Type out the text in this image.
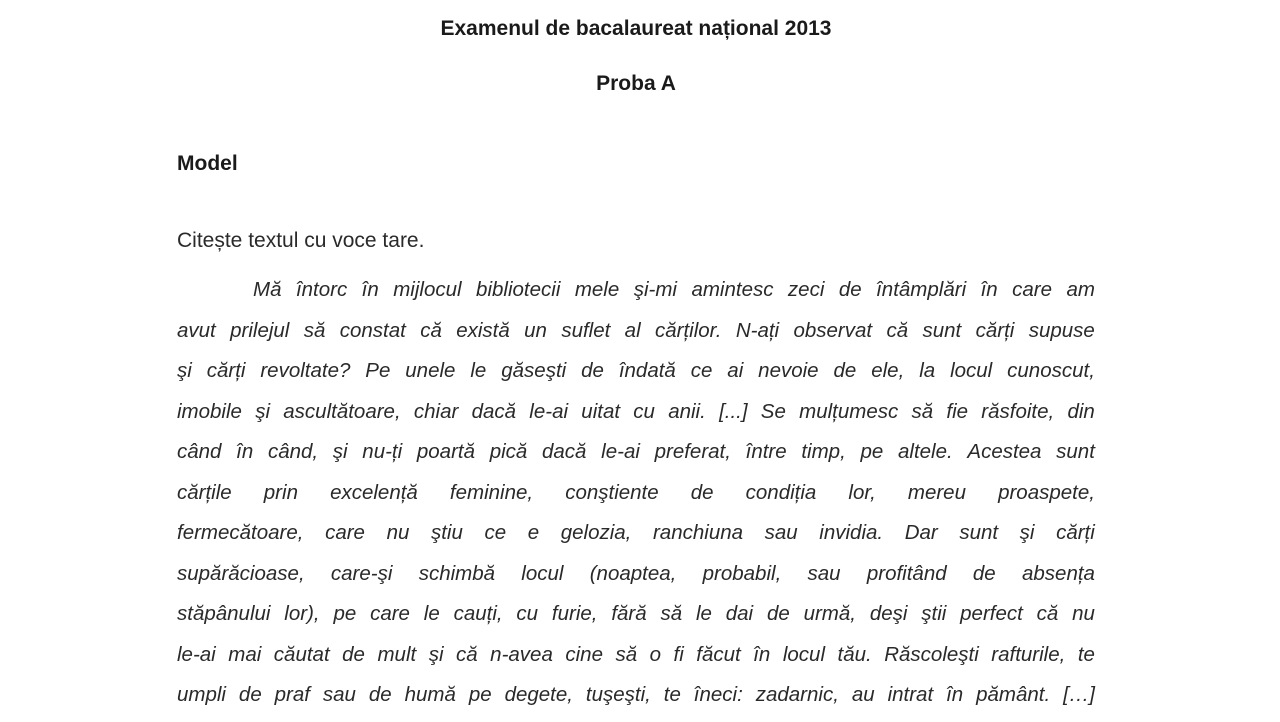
Examenul de bacalaureat național 2013
Proba A
Model
Citește textul cu voce tare.
Mă întorc în mijlocul bibliotecii mele şi-mi amintesc zeci de întâmplări în care am
avut prilejul să constat că există un suflet al cărților. N-ați observat că sunt cărți supuse
şi cărți revoltate? Pe unele le găseşti de îndată ce ai nevoie de ele, la locul cunoscut,
imobile şi ascultătoare, chiar dacă le-ai uitat cu anii. [...] Se mulțumesc să fie răsfoite, din
când în când, şi nu-ți poartă pică dacă le-ai preferat, între timp, pe altele. Acestea sunt
cărțile prin excelență feminine, conştiente de condiția lor, mereu proaspete,
fermecătoare, care nu ştiu ce e gelozia, ranchiuna sau invidia. Dar sunt şi cărți
supărăcioase, care-şi schimbă locul (noaptea, probabil, sau profitând de absența
stăpânului lor), pe care le cauți, cu furie, fără să le dai de urmă, deşi ştii perfect că nu
le-ai mai căutat de mult şi că n-avea cine să o fi făcut în locul tău. Răscoleşti rafturile, te
umpli de praf sau de humă pe degete, tuşeşti, te îneci: zadarnic, au intrat în pământ. […]
